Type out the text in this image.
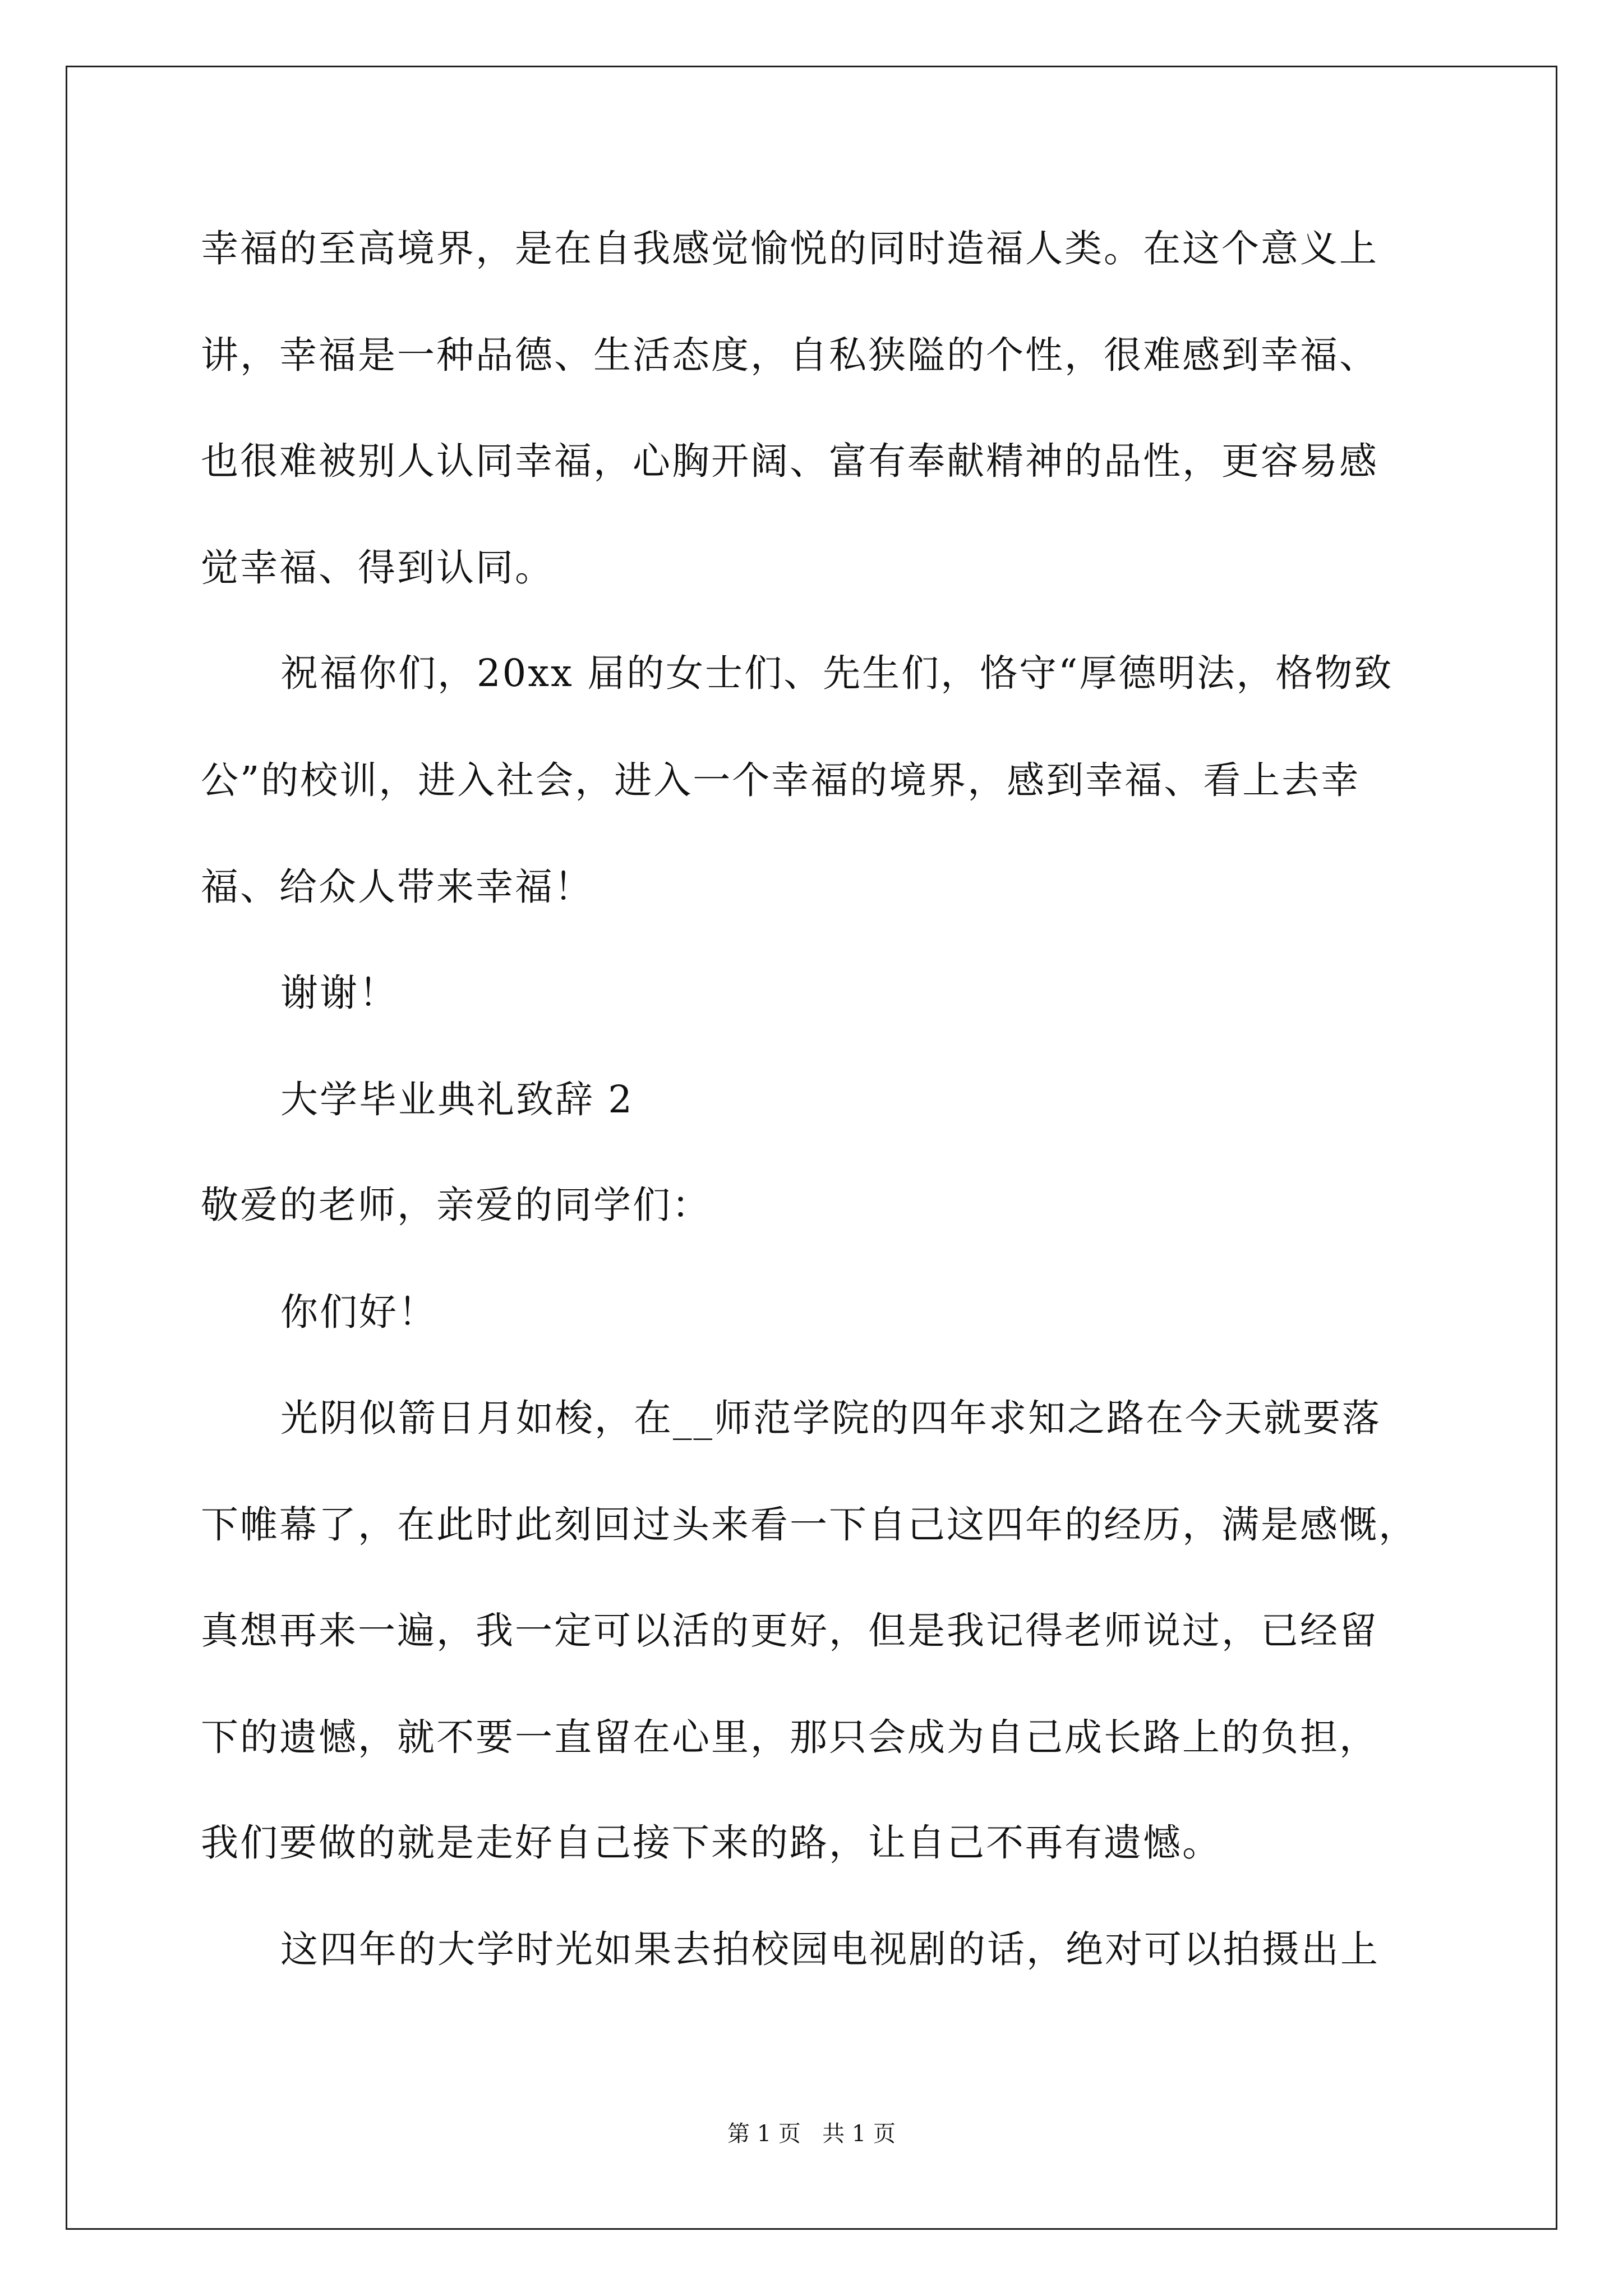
幸福的至高境界，是在自我感觉愉悦的同时造福人类。在这个意义上
讲，幸福是一种品德、生活态度，自私狭隘的个性，很难感到幸福、
也很难被别人认同幸福，心胸开阔、富有奉献精神的品性，更容易感
觉幸福、得到认同。
祝福你们，20xx 届的女士们、先生们，恪守“厚德明法，格物致
公”的校训，进入社会，进入一个幸福的境界，感到幸福、看上去幸
福、给众人带来幸福！
谢谢！
大学毕业典礼致辞 2
敬爱的老师，亲爱的同学们：
你们好！
光阴似箭日月如梭，在__师范学院的四年求知之路在今天就要落
下帷幕了，在此时此刻回过头来看一下自己这四年的经历，满是感慨，
真想再来一遍，我一定可以活的更好，但是我记得老师说过，已经留
下的遗憾，就不要一直留在心里，那只会成为自己成长路上的负担，
我们要做的就是走好自己接下来的路，让自己不再有遗憾。
这四年的大学时光如果去拍校园电视剧的话，绝对可以拍摄出上
第 1 页   共 1 页
